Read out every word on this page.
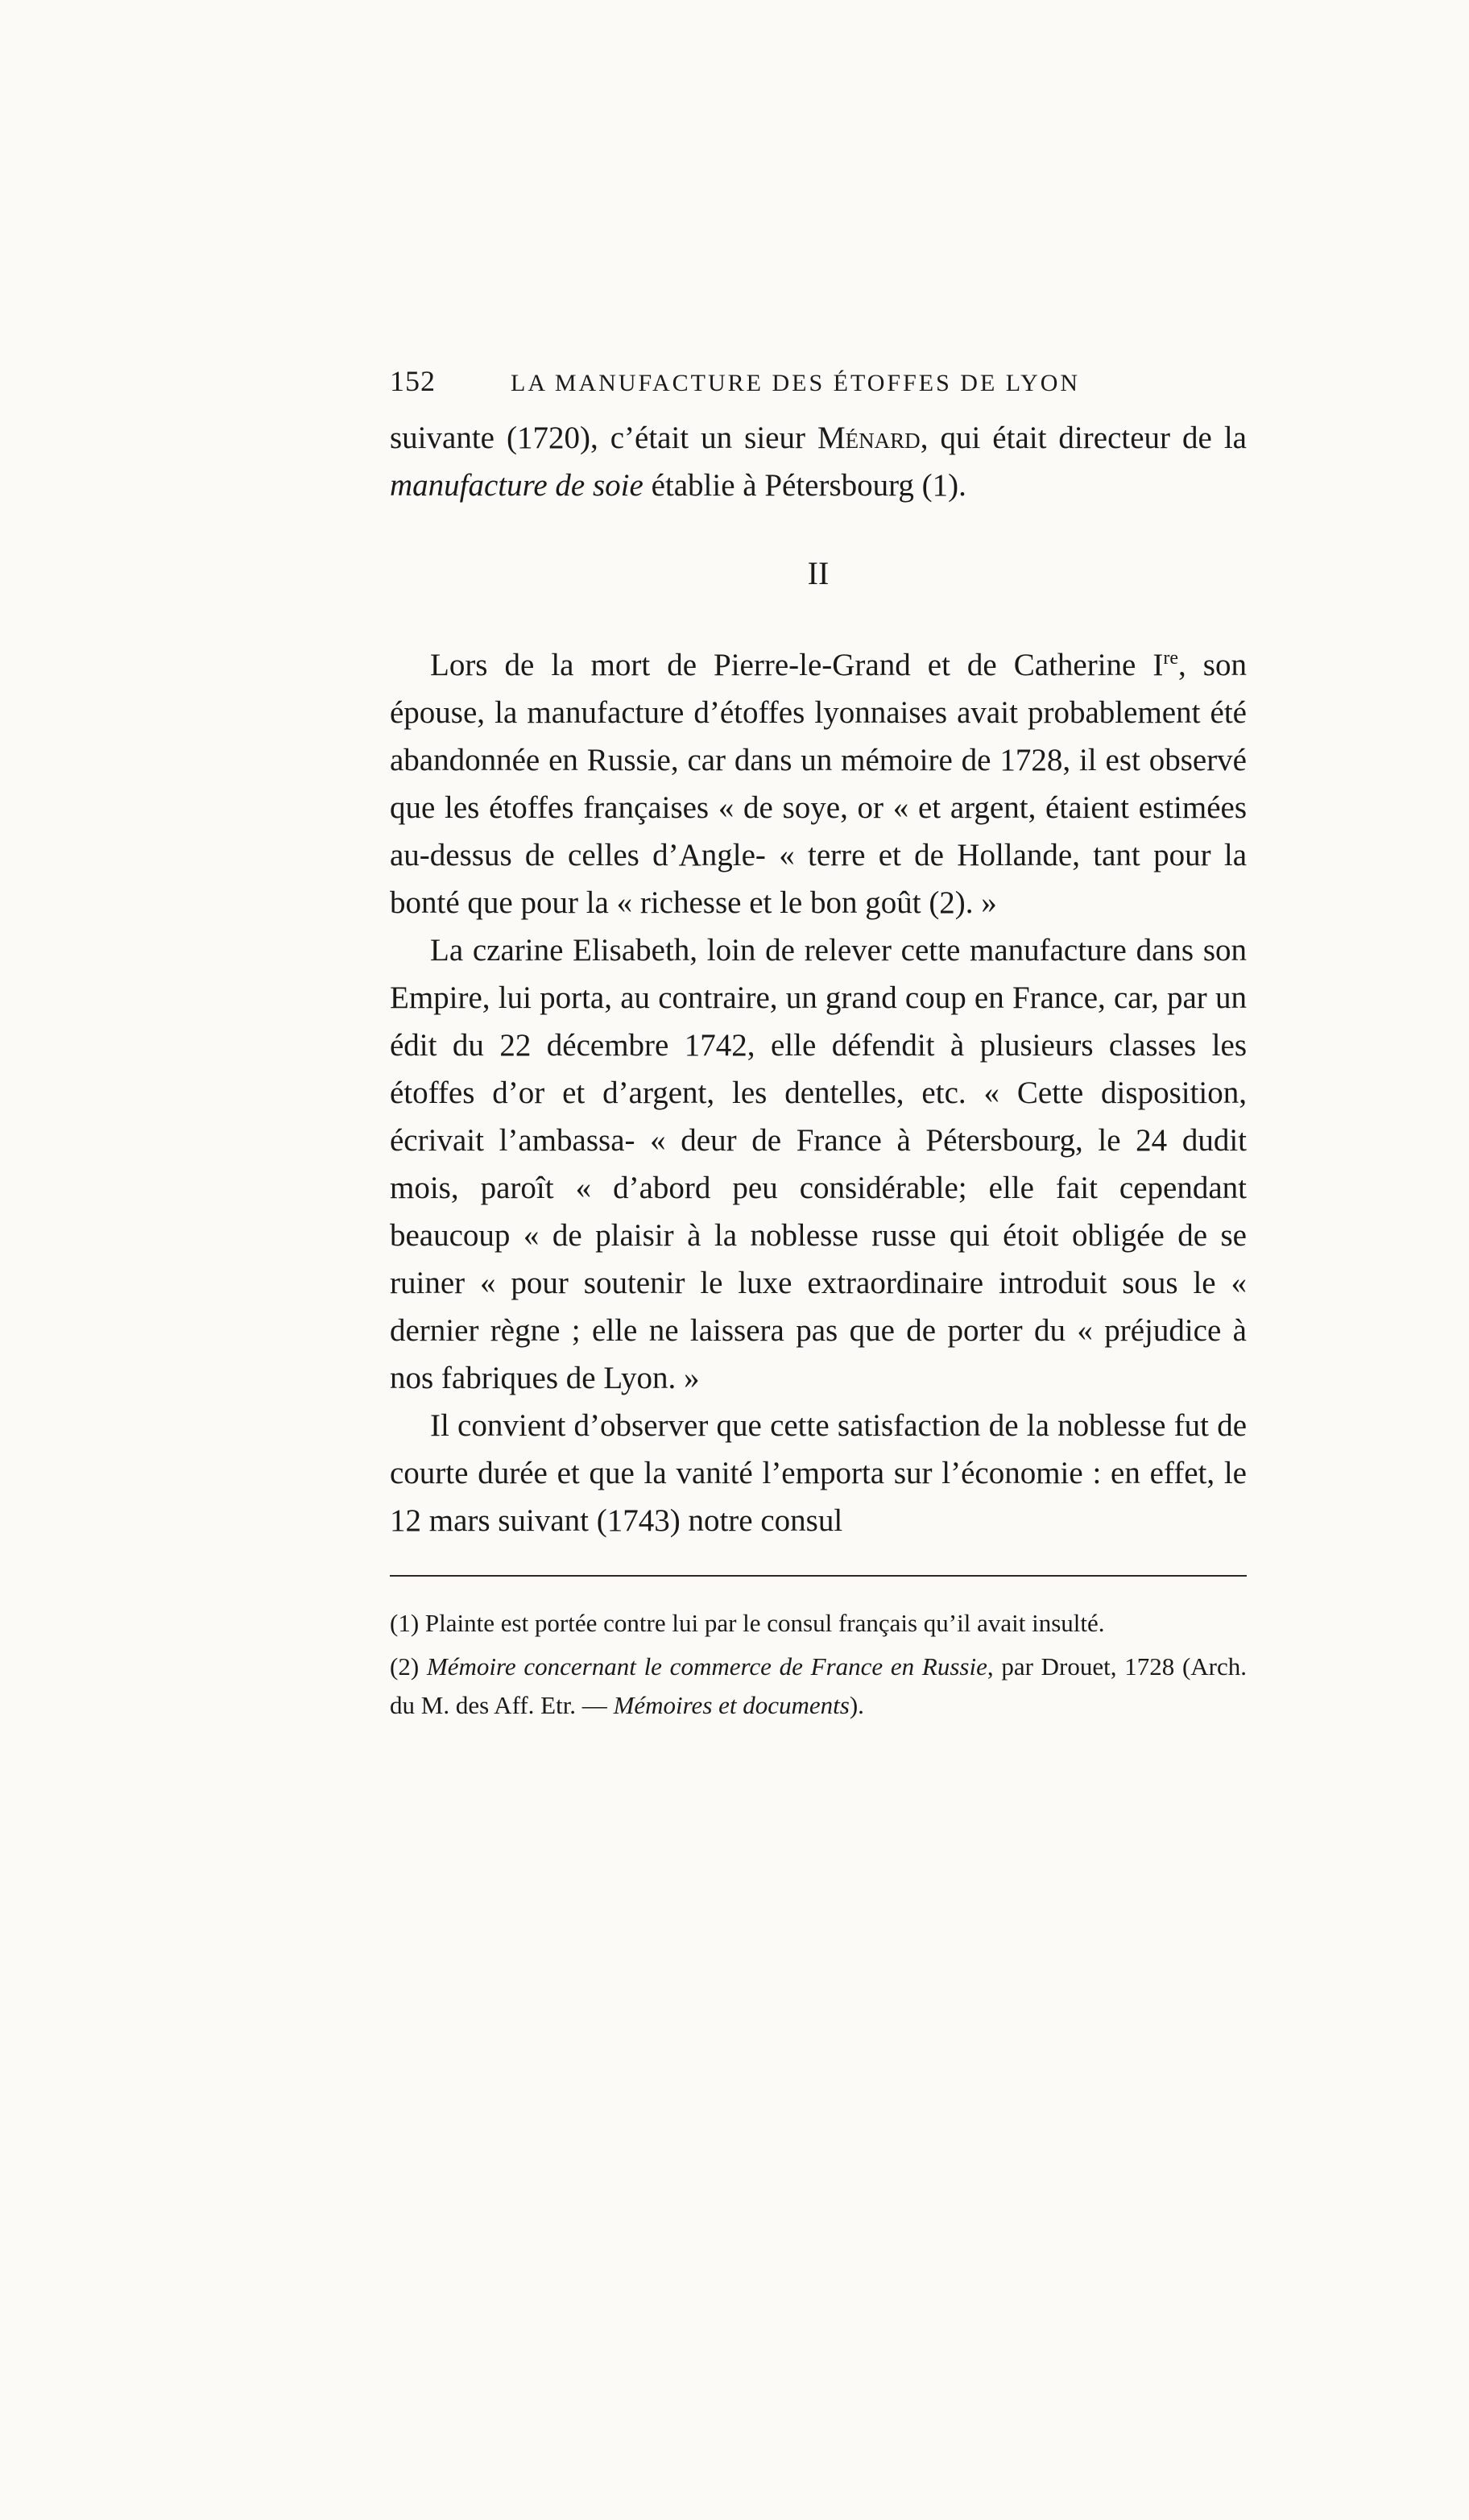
152	LA MANUFACTURE DES ÉTOFFES DE LYON

suivante (1720), c’était un sieur Ménard, qui était directeur de la manufacture de soie établie à Pétersbourg (1).

II

Lors de la mort de Pierre-le-Grand et de Catherine Ire, son épouse, la manufacture d’étoffes lyonnaises avait probablement été abandonnée en Russie, car dans un mémoire de 1728, il est observé que les étoffes françaises « de soye, or « et argent, étaient estimées au-dessus de celles d’Angle- « terre et de Hollande, tant pour la bonté que pour la « richesse et le bon goût (2). »

La czarine Elisabeth, loin de relever cette manufacture dans son Empire, lui porta, au contraire, un grand coup en France, car, par un édit du 22 décembre 1742, elle défendit à plusieurs classes les étoffes d’or et d’argent, les dentelles, etc. « Cette disposition, écrivait l’ambassa- « deur de France à Pétersbourg, le 24 dudit mois, paroît « d’abord peu considérable; elle fait cependant beaucoup « de plaisir à la noblesse russe qui étoit obligée de se ruiner « pour soutenir le luxe extraordinaire introduit sous le « dernier règne ; elle ne laissera pas que de porter du « préjudice à nos fabriques de Lyon. »

Il convient d’observer que cette satisfaction de la noblesse fut de courte durée et que la vanité l’emporta sur l’économie : en effet, le 12 mars suivant (1743) notre consul

(1) Plainte est portée contre lui par le consul français qu’il avait insulté.

(2) Mémoire concernant le commerce de France en Russie, par Drouet, 1728 (Arch. du M. des Aff. Etr. — Mémoires et documents).
